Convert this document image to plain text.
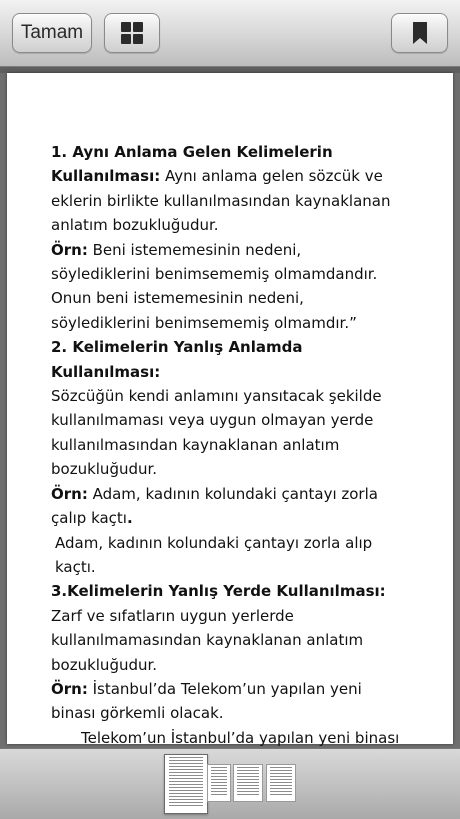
Tamam

1. Aynı Anlama Gelen Kelimelerin Kullanılması: Aynı anlama gelen sözcük ve eklerin birlikte kullanılmasından kaynaklanan anlatım bozukluğudur.

Örn: Beni istememesinin nedeni, söylediklerini benimsememiş olmamdandır.

Onun beni istememesinin nedeni,    söylediklerini benimsememiş olmamdır.”

2. Kelimelerin Yanlış Anlamda Kullanılması:

Sözcüğün kendi anlamını yansıtacak şekilde kullanılmaması veya uygun olmayan yerde kullanılmasından kaynaklanan anlatım bozukluğudur.

Örn: Adam, kadının kolundaki çantayı zorla çalıp kaçtı.

Adam, kadının kolundaki çantayı zorla alıp kaçtı.

3.Kelimelerin Yanlış Yerde Kullanılması: Zarf ve sıfatların uygun yerlerde kullanılmamasından kaynaklanan anlatım bozukluğudur.

Örn: İstanbul’da Telekom’un yapılan yeni binası görkemli olacak.

Telekom’un İstanbul’da yapılan yeni binası
